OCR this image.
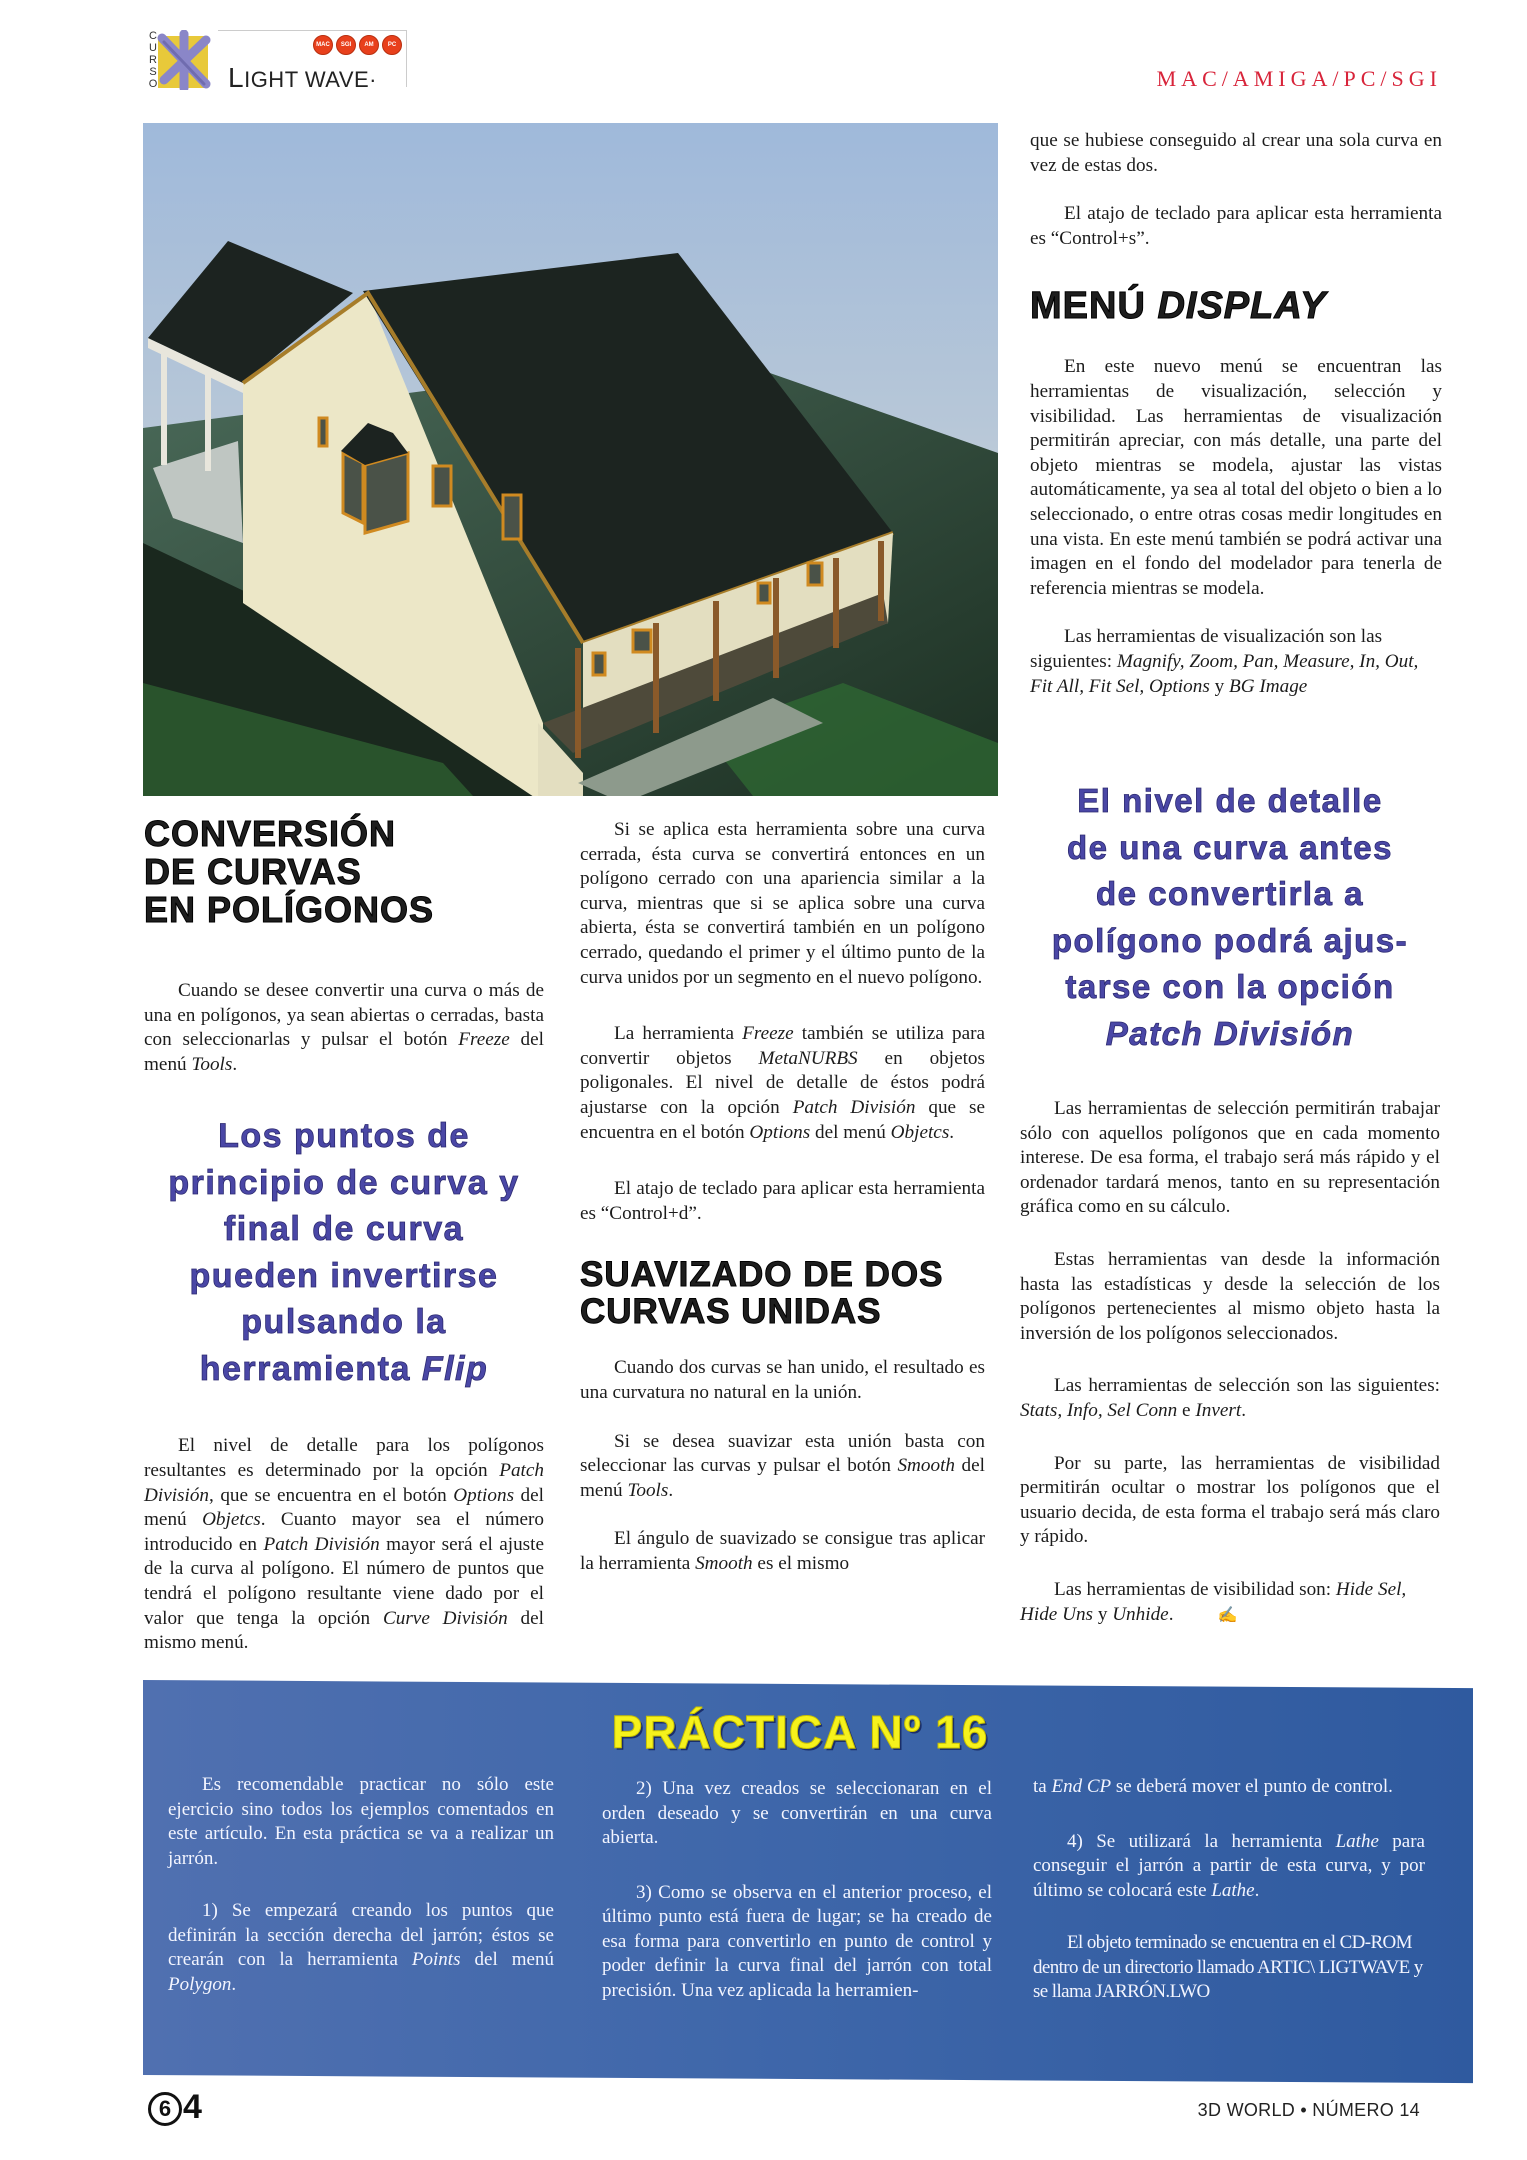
C
U
R
S
O
MAC	SGI	AM	PC
LIGHT WAVE·	MAC/AMIGA/PC/SGI

que se hubiese conseguido al crear una sola curva en vez de estas dos.

El atajo de teclado para aplicar esta herramienta es “Control+s”.

MENÚ DISPLAY

En este nuevo menú se encuentran las herramientas de visualización, selección y visibilidad. Las herramientas de visualización permitirán apreciar, con más detalle, una parte del objeto mientras se modela, ajustar las vistas automáticamente, ya sea al total del objeto o bien a lo seleccionado, o entre otras cosas medir longitudes en una vista. En este menú también se podrá activar una imagen en el fondo del modelador para tenerla de referencia mientras se modela.

Las herramientas de visualización son las siguientes: Magnify, Zoom, Pan, Measure, In, Out, Fit All, Fit Sel, Options y BG Image

CONVERSIÓN
DE CURVAS
EN POLÍGONOS

Cuando se desee convertir una curva o más de una en polígonos, ya sean abiertas o cerradas, basta con seleccionarlas y pulsar el botón Freeze del menú Tools.

Los puntos de
principio de curva y
final de curva
pueden invertirse
pulsando la
herramienta Flip

El nivel de detalle para los polígonos resultantes es determinado por la opción Patch División, que se encuentra en el botón Options del menú Objetcs. Cuanto mayor sea el número introducido en Patch División mayor será el ajuste de la curva al polígono. El número de puntos que tendrá el polígono resultante viene dado por el valor que tenga la opción Curve División del mismo menú.

Si se aplica esta herramienta sobre una curva cerrada, ésta curva se convertirá entonces en un polígono cerrado con una apariencia similar a la curva, mientras que si se aplica sobre una curva abierta, ésta se convertirá también en un polígono cerrado, quedando el primer y el último punto de la curva unidos por un segmento en el nuevo polígono.

La herramienta Freeze también se utiliza para convertir objetos MetaNURBS en objetos poligonales. El nivel de detalle de éstos podrá ajustarse con la opción Patch División que se encuentra en el botón Options del menú Objetcs.

El atajo de teclado para aplicar esta herramienta es “Control+d”.

SUAVIZADO DE DOS
CURVAS UNIDAS

Cuando dos curvas se han unido, el resultado es una curvatura no natural en la unión.

Si se desea suavizar esta unión basta con seleccionar las curvas y pulsar el botón Smooth del menú Tools.

El ángulo de suavizado se consigue tras aplicar la herramienta Smooth es el mismo

El nivel de detalle
de una curva antes
de convertirla a
polígono podrá ajus-
tarse con la opción
Patch División

Las herramientas de selección permitirán trabajar sólo con aquellos polígonos que en cada momento interese. De esa forma, el trabajo será más rápido y el ordenador tardará menos, tanto en su representación gráfica como en su cálculo.

Estas herramientas van desde la información hasta las estadísticas y desde la selección de los polígonos pertenecientes al mismo objeto hasta la inversión de los polígonos seleccionados.

Las herramientas de selección son las siguientes: Stats, Info, Sel Conn e Invert.

Por su parte, las herramientas de visibilidad permitirán ocultar o mostrar los polígonos que el usuario decida, de esta forma el trabajo será más claro y rápido.

Las herramientas de visibilidad son: Hide Sel, Hide Uns y Unhide.	✍

PRÁCTICA Nº 16

Es recomendable practicar no sólo este ejercicio sino todos los ejemplos comentados en este artículo. En esta práctica se va a realizar un jarrón.

1) Se empezará creando los puntos que definirán la sección derecha del jarrón; éstos se crearán con la herramienta Points del menú Polygon.

2) Una vez creados se seleccionaran en el orden deseado y se convertirán en una curva abierta.

3) Como se observa en el anterior proceso, el último punto está fuera de lugar; se ha creado de esa forma para convertirlo en punto de control y poder definir la curva final del jarrón con total precisión. Una vez aplicada la herramien-

ta End CP se deberá mover el punto de control.

4) Se utilizará la herramienta Lathe para conseguir el jarrón a partir de esta curva, y por último se colocará este Lathe.

El objeto terminado se encuentra en el CD-ROM dentro de un directorio llamado ARTIC\ LIGTWAVE y se llama JARRÓN.LWO

6 4	3D WORLD • NÚMERO 14
